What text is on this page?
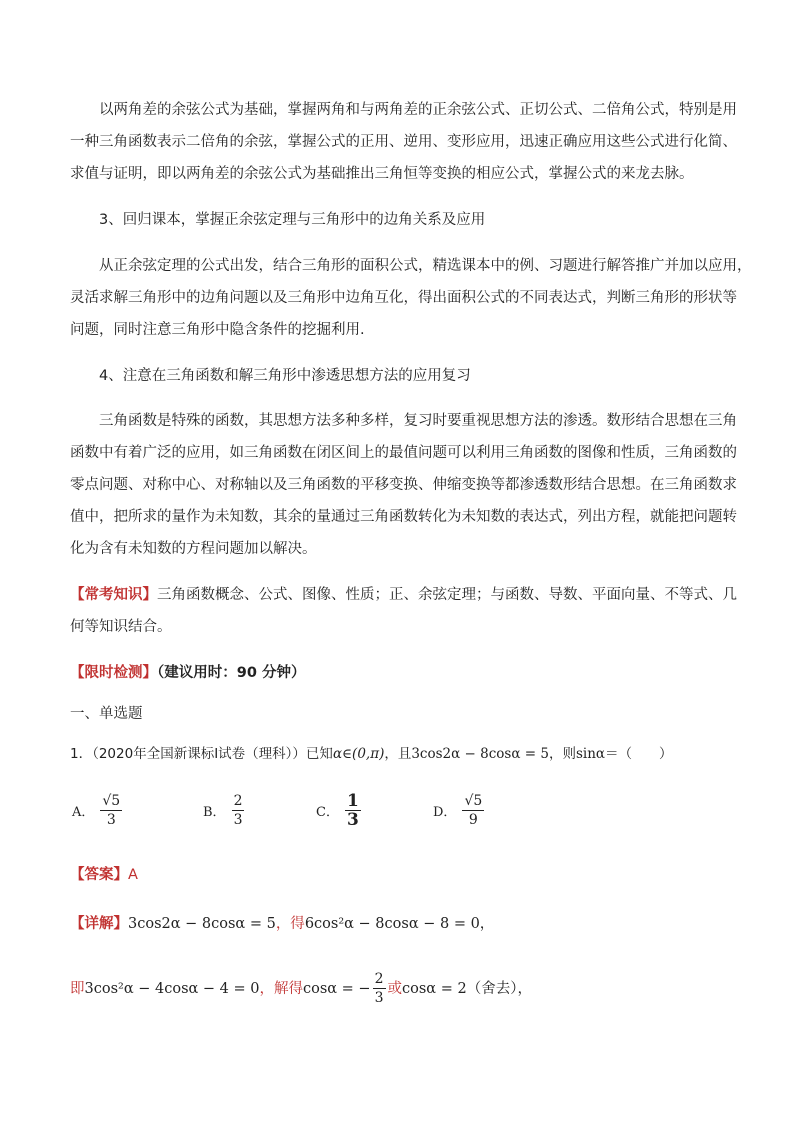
以两角差的余弦公式为基础，掌握两角和与两角差的正余弦公式、正切公式、二倍角公式，特别是用
一种三角函数表示二倍角的余弦，掌握公式的正用、逆用、变形应用，迅速正确应用这些公式进行化简、
求值与证明，即以两角差的余弦公式为基础推出三角恒等变换的相应公式，掌握公式的来龙去脉。
3、回归课本，掌握正余弦定理与三角形中的边角关系及应用
从正余弦定理的公式出发，结合三角形的面积公式，精选课本中的例、习题进行解答推广并加以应用，
灵活求解三角形中的边角问题以及三角形中边角互化，得出面积公式的不同表达式，判断三角形的形状等
问题，同时注意三角形中隐含条件的挖掘利用.
4、注意在三角函数和解三角形中渗透思想方法的应用复习
三角函数是特殊的函数，其思想方法多种多样，复习时要重视思想方法的渗透。数形结合思想在三角
函数中有着广泛的应用，如三角函数在闭区间上的最值问题可以利用三角函数的图像和性质，三角函数的
零点问题、对称中心、对称轴以及三角函数的平移变换、伸缩变换等都渗透数形结合思想。在三角函数求
值中，把所求的量作为未知数，其余的量通过三角函数转化为未知数的表达式，列出方程，就能把问题转
化为含有未知数的方程问题加以解决。
【常考知识】三角函数概念、公式、图像、性质；正、余弦定理；与函数、导数、平面向量、不等式、几
何等知识结合。
【限时检测】（建议用时：90 分钟）
一、单选题
1．（2020年全国新课标Ⅰ试卷（理科））已知α∈(0,π)，且3cos2α − 8cosα = 5，则sinα＝（　　）
A． $\frac{√5}{3}$	B． $\frac{2}{3}$	C． $\frac{1}{3}$	D． $\frac{√5}{9}$
【答案】A
【详解】3cos2α − 8cosα = 5，得6cos²α − 8cosα − 8 = 0，
即 3cos²α − 4cosα − 4 = 0 ，解得 cosα = − $\frac{2}{3}$ 或 cosα = 2 （舍去），
